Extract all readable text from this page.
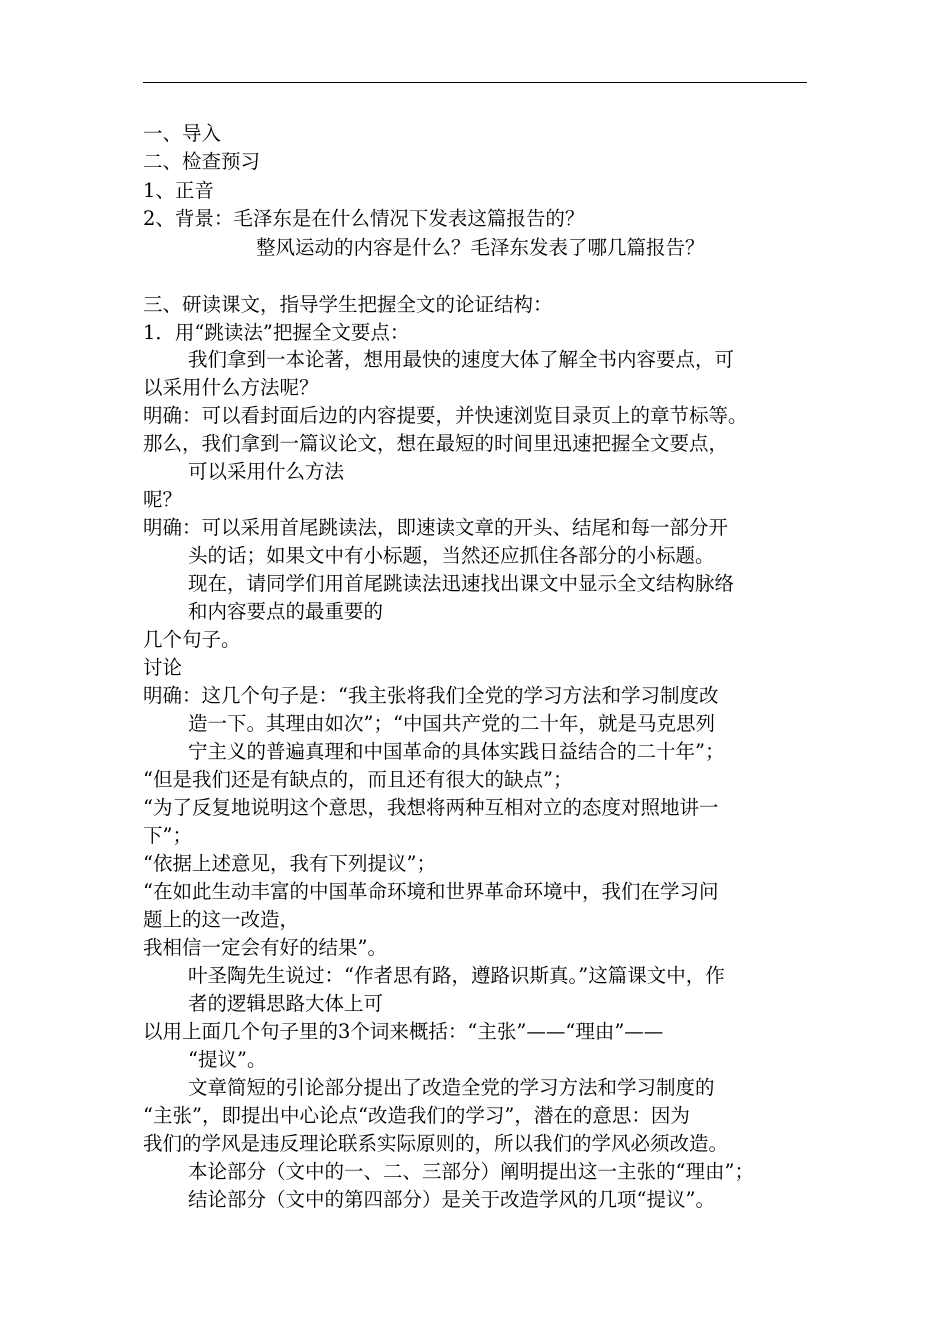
一、导入
二、检查预习
1、正音
2、背景：毛泽东是在什么情况下发表这篇报告的？
整风运动的内容是什么？毛泽东发表了哪几篇报告？
三、研读课文，指导学生把握全文的论证结构：
1．用“跳读法”把握全文要点：
我们拿到一本论著，想用最快的速度大体了解全书内容要点，可
以采用什么方法呢？
明确：可以看封面后边的内容提要，并快速浏览目录页上的章节标等。
那么，我们拿到一篇议论文，想在最短的时间里迅速把握全文要点，
可以采用什么方法
呢？
明确：可以采用首尾跳读法，即速读文章的开头、结尾和每一部分开
头的话；如果文中有小标题，当然还应抓住各部分的小标题。
现在，请同学们用首尾跳读法迅速找出课文中显示全文结构脉络
和内容要点的最重要的
几个句子。
讨论
明确：这几个句子是：“我主张将我们全党的学习方法和学习制度改
造一下。其理由如次”；“中国共产党的二十年，就是马克思列
宁主义的普遍真理和中国革命的具体实践日益结合的二十年”；
“但是我们还是有缺点的，而且还有很大的缺点”；
“为了反复地说明这个意思，我想将两种互相对立的态度对照地讲一
下”；
“依据上述意见，我有下列提议”；
“在如此生动丰富的中国革命环境和世界革命环境中，我们在学习问
题上的这一改造，
我相信一定会有好的结果”。
叶圣陶先生说过：“作者思有路，遵路识斯真。”这篇课文中，作
者的逻辑思路大体上可
以用上面几个句子里的3个词来概括：“主张”——“理由”——
“提议”。
文章简短的引论部分提出了改造全党的学习方法和学习制度的
“主张”，即提出中心论点“改造我们的学习”，潜在的意思：因为
我们的学风是违反理论联系实际原则的，所以我们的学风必须改造。
本论部分（文中的一、二、三部分）阐明提出这一主张的“理由”；
结论部分（文中的第四部分）是关于改造学风的几项“提议”。
